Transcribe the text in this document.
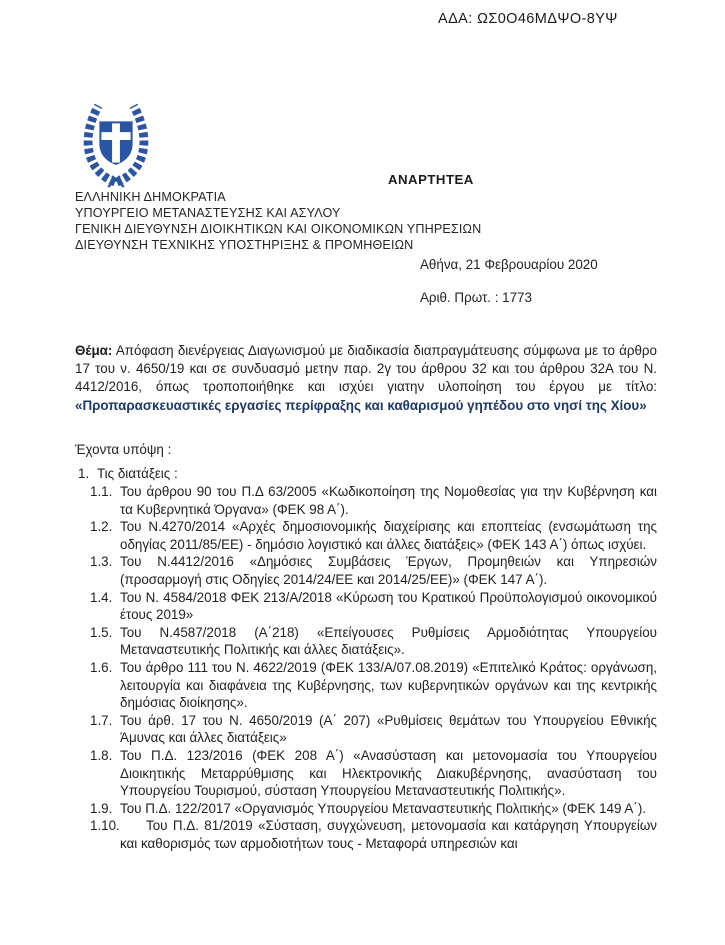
ΑΔΑ: ΩΣ0Ο46ΜΔΨΟ-8ΥΨ
ΑΝΑΡΤΗΤΕΑ
ΕΛΛΗΝΙΚΗ ΔΗΜΟΚΡΑΤΙΑ
ΥΠΟΥΡΓΕΙΟ ΜΕΤΑΝΑΣΤΕΥΣΗΣ ΚΑΙ ΑΣΥΛΟΥ
ΓΕΝΙΚΗ ΔΙΕΥΘΥΝΣΗ ΔΙΟΙΚΗΤΙΚΩΝ ΚΑΙ ΟΙΚΟΝΟΜΙΚΩΝ ΥΠΗΡΕΣΙΩΝ
ΔΙΕΥΘΥΝΣΗ ΤΕΧΝΙΚΗΣ ΥΠΟΣΤΗΡΙΞΗΣ & ΠΡΟΜΗΘΕΙΩΝ
Αθήνα, 21 Φεβρουαρίου 2020
Αριθ. Πρωτ. : 1773

Θέμα: Απόφαση διενέργειας Διαγωνισμού με διαδικασία διαπραγμάτευσης σύμφωνα με το άρθρο 17 του ν. 4650/19 και σε συνδυασμό μετην παρ. 2γ του άρθρου 32 και του άρθρου 32Α του Ν. 4412/2016, όπως τροποποιήθηκε και ισχύει γιατην υλοποίηση του έργου με τίτλο: «Προπαρασκευαστικές εργασίες περίφραξης και καθαρισμού γηπέδου στο νησί της Χίου»

Έχοντα υπόψη :

1. Τις διατάξεις :
1.1. Του άρθρου 90 του Π.Δ 63/2005 «Κωδικοποίηση της Νομοθεσίας για την Κυβέρνηση και τα Κυβερνητικά Όργανα» (ΦΕΚ 98 Α΄).
1.2. Του Ν.4270/2014 «Αρχές δημοσιονομικής διαχείρισης και εποπτείας (ενσωμάτωση της οδηγίας 2011/85/ΕΕ) - δημόσιο λογιστικό και άλλες διατάξεις» (ΦΕΚ 143 Α΄) όπως ισχύει.
1.3. Του Ν.4412/2016 «Δημόσιες Συμβάσεις Έργων, Προμηθειών και Υπηρεσιών (προσαρμογή στις Οδηγίες 2014/24/ΕΕ και 2014/25/ΕΕ)» (ΦΕΚ 147 Α΄).
1.4. Του Ν. 4584/2018 ΦΕΚ 213/Α/2018 «Κύρωση του Κρατικού Προϋπολογισμού οικονομικού έτους 2019»
1.5. Του Ν.4587/2018 (Α΄218) «Επείγουσες Ρυθμίσεις Αρμοδιότητας Υπουργείου Μεταναστευτικής Πολιτικής και άλλες διατάξεις».
1.6. Του άρθρο 111 του Ν. 4622/2019 (ΦΕΚ 133/Α/07.08.2019) «Επιτελικό Κράτος: οργάνωση, λειτουργία και διαφάνεια της Κυβέρνησης, των κυβερνητικών οργάνων και της κεντρικής δημόσιας διοίκησης».
1.7. Του άρθ. 17 του Ν. 4650/2019 (Α΄ 207) «Ρυθμίσεις θεμάτων του Υπουργείου Εθνικής Άμυνας και άλλες διατάξεις»
1.8. Του Π.Δ. 123/2016 (ΦΕΚ 208 Α΄) «Ανασύσταση και μετονομασία του Υπουργείου Διοικητικής Μεταρρύθμισης και Ηλεκτρονικής Διακυβέρνησης, ανασύσταση του Υπουργείου Τουρισμού, σύσταση Υπουργείου Μεταναστευτικής Πολιτικής».
1.9. Του Π.Δ. 122/2017 «Οργανισμός Υπουργείου Μεταναστευτικής Πολιτικής» (ΦΕΚ 149 Α΄).
1.10.	Του Π.Δ. 81/2019 «Σύσταση, συγχώνευση, μετονομασία και κατάργηση Υπουργείων και καθορισμός των αρμοδιοτήτων τους - Μεταφορά υπηρεσιών και
